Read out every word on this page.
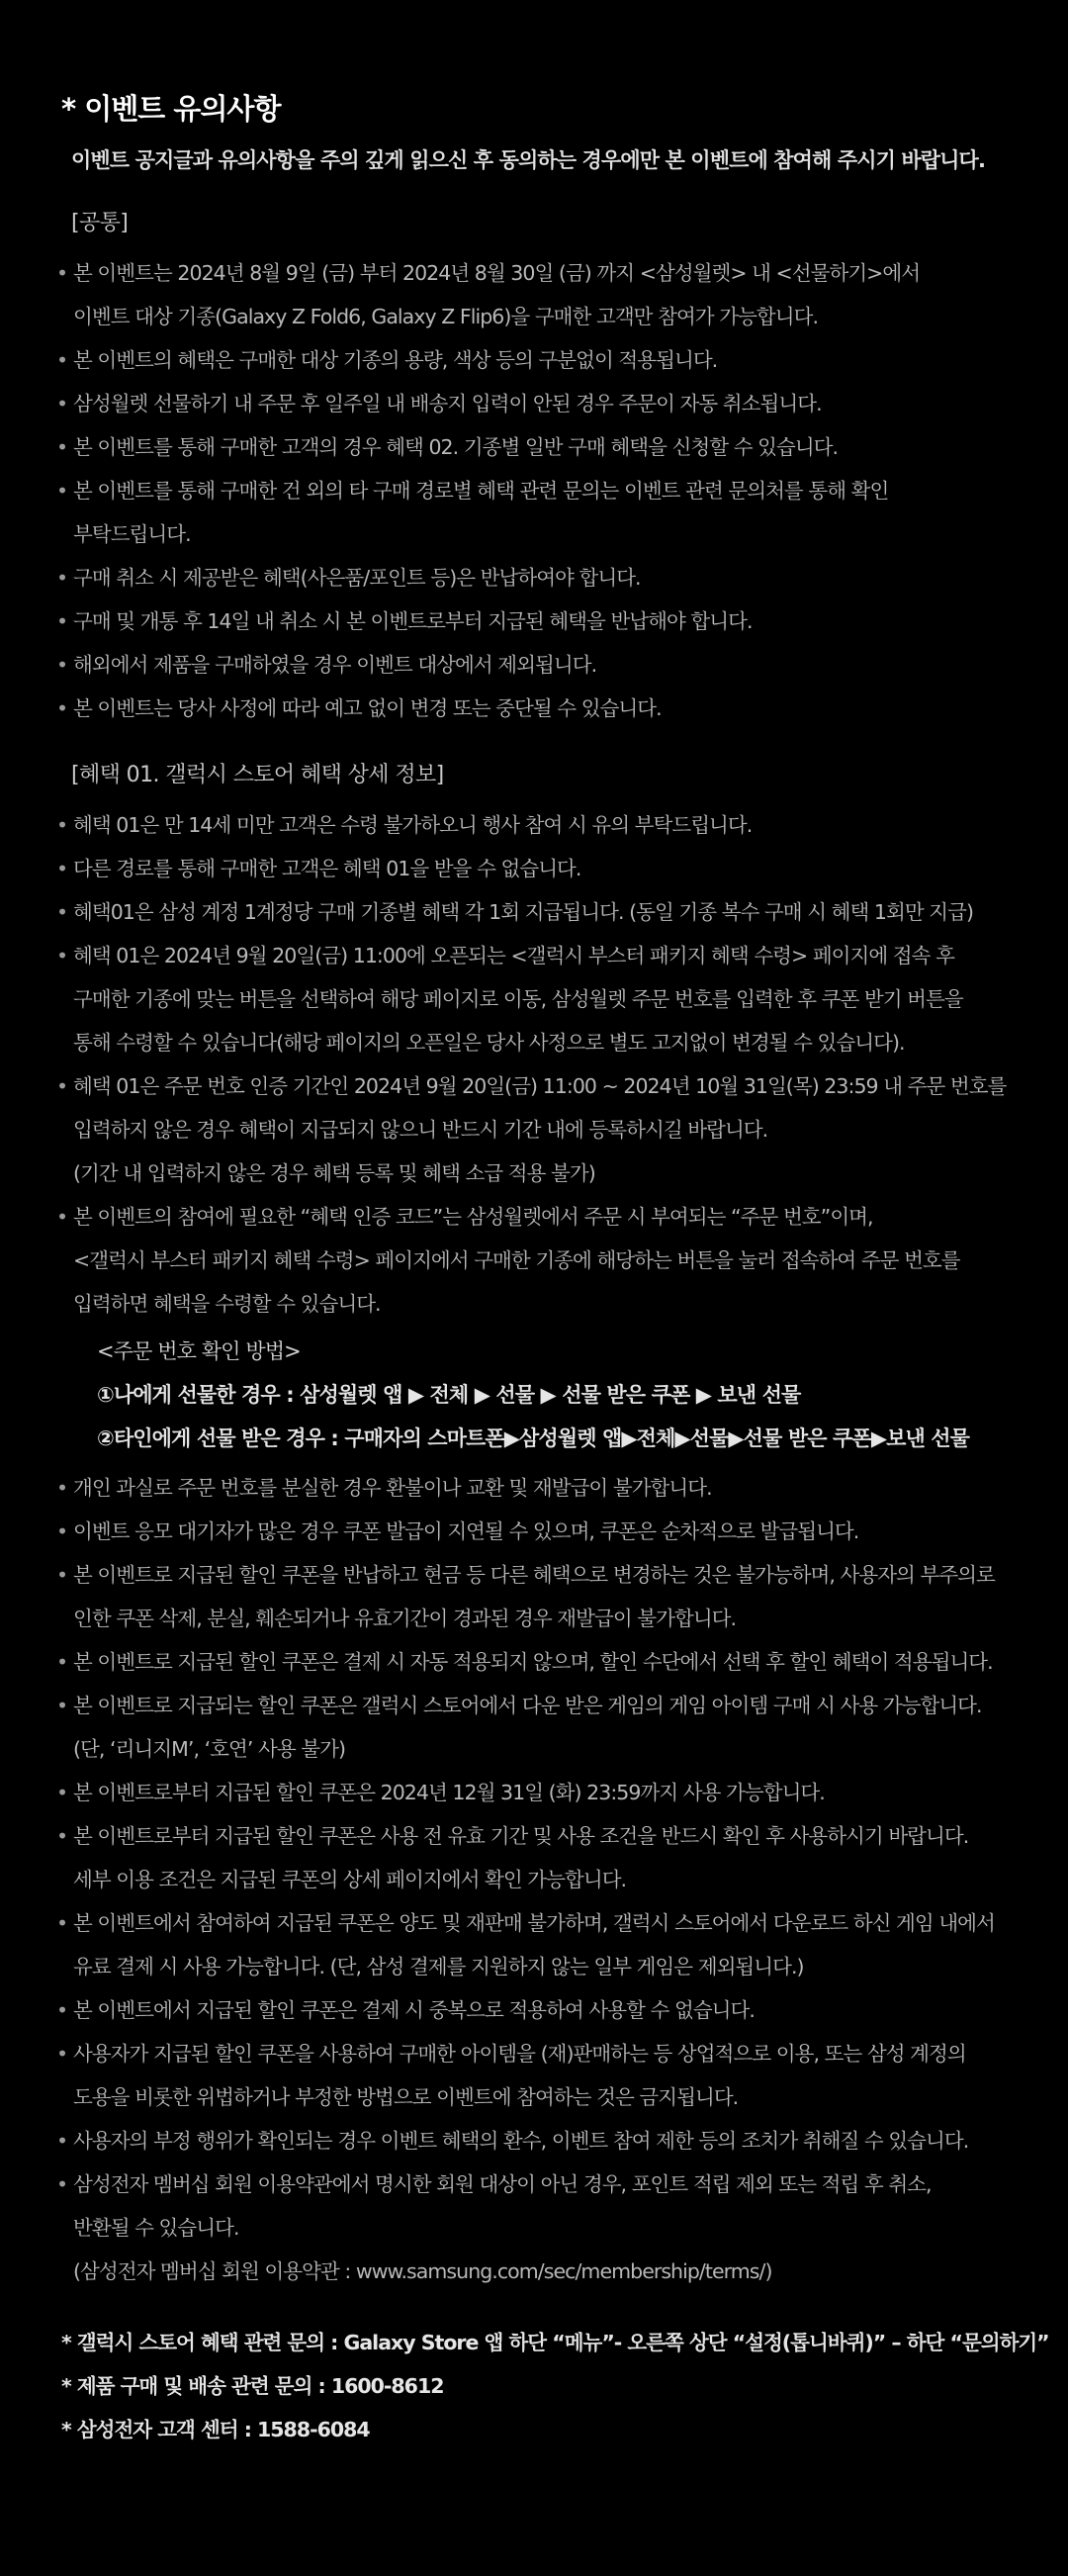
* 이벤트 유의사항

이벤트 공지글과 유의사항을 주의 깊게 읽으신 후 동의하는 경우에만 본 이벤트에 참여해 주시기 바랍니다.

[공통]
• 본 이벤트는 2024년 8월 9일 (금) 부터 2024년 8월 30일 (금) 까지 <삼성월렛> 내 <선물하기>에서
이벤트 대상 기종(Galaxy Z Fold6, Galaxy Z Flip6)을 구매한 고객만 참여가 가능합니다.
• 본 이벤트의 혜택은 구매한 대상 기종의 용량, 색상 등의 구분없이 적용됩니다.
• 삼성월렛 선물하기 내 주문 후 일주일 내 배송지 입력이 안된 경우 주문이 자동 취소됩니다.
• 본 이벤트를 통해 구매한 고객의 경우 혜택 02. 기종별 일반 구매 혜택을 신청할 수 있습니다.
• 본 이벤트를 통해 구매한 건 외의 타 구매 경로별 혜택 관련 문의는 이벤트 관련 문의처를 통해 확인
부탁드립니다.
• 구매 취소 시 제공받은 혜택(사은품/포인트 등)은 반납하여야 합니다.
• 구매 및 개통 후 14일 내 취소 시 본 이벤트로부터 지급된 혜택을 반납해야 합니다.
• 해외에서 제품을 구매하였을 경우 이벤트 대상에서 제외됩니다.
• 본 이벤트는 당사 사정에 따라 예고 없이 변경 또는 중단될 수 있습니다.
[혜택 01. 갤럭시 스토어 혜택 상세 정보]
• 혜택 01은 만 14세 미만 고객은 수령 불가하오니 행사 참여 시 유의 부탁드립니다.
• 다른 경로를 통해 구매한 고객은 혜택 01을 받을 수 없습니다.
• 혜택01은 삼성 계정 1계정당 구매 기종별 혜택 각 1회 지급됩니다. (동일 기종 복수 구매 시 혜택 1회만 지급)
• 혜택 01은 2024년 9월 20일(금) 11:00에 오픈되는 <갤럭시 부스터 패키지 혜택 수령> 페이지에 접속 후
구매한 기종에 맞는 버튼을 선택하여 해당 페이지로 이동, 삼성월렛 주문 번호를 입력한 후 쿠폰 받기 버튼을
통해 수령할 수 있습니다(해당 페이지의 오픈일은 당사 사정으로 별도 고지없이 변경될 수 있습니다).
• 혜택 01은 주문 번호 인증 기간인 2024년 9월 20일(금) 11:00 ~ 2024년 10월 31일(목) 23:59 내 주문 번호를
입력하지 않은 경우 혜택이 지급되지 않으니 반드시 기간 내에 등록하시길 바랍니다.
(기간 내 입력하지 않은 경우 혜택 등록 및 혜택 소급 적용 불가)
• 본 이벤트의 참여에 필요한 “혜택 인증 코드”는 삼성월렛에서 주문 시 부여되는 “주문 번호”이며,
<갤럭시 부스터 패키지 혜택 수령> 페이지에서 구매한 기종에 해당하는 버튼을 눌러 접속하여 주문 번호를
입력하면 혜택을 수령할 수 있습니다.
<주문 번호 확인 방법>
①나에게 선물한 경우 : 삼성월렛 앱 ▶ 전체 ▶ 선물 ▶ 선물 받은 쿠폰 ▶ 보낸 선물
②타인에게 선물 받은 경우 : 구매자의 스마트폰▶삼성월렛 앱▶전체▶선물▶선물 받은 쿠폰▶보낸 선물
• 개인 과실로 주문 번호를 분실한 경우 환불이나 교환 및 재발급이 불가합니다.
• 이벤트 응모 대기자가 많은 경우 쿠폰 발급이 지연될 수 있으며, 쿠폰은 순차적으로 발급됩니다.
• 본 이벤트로 지급된 할인 쿠폰을 반납하고 현금 등 다른 혜택으로 변경하는 것은 불가능하며, 사용자의 부주의로
인한 쿠폰 삭제, 분실, 훼손되거나 유효기간이 경과된 경우 재발급이 불가합니다.
• 본 이벤트로 지급된 할인 쿠폰은 결제 시 자동 적용되지 않으며, 할인 수단에서 선택 후 할인 혜택이 적용됩니다.
• 본 이벤트로 지급되는 할인 쿠폰은 갤럭시 스토어에서 다운 받은 게임의 게임 아이템 구매 시 사용 가능합니다.
(단, ‘리니지M’, ‘호연’ 사용 불가)
• 본 이벤트로부터 지급된 할인 쿠폰은 2024년 12월 31일 (화) 23:59까지 사용 가능합니다.
• 본 이벤트로부터 지급된 할인 쿠폰은 사용 전 유효 기간 및 사용 조건을 반드시 확인 후 사용하시기 바랍니다.
세부 이용 조건은 지급된 쿠폰의 상세 페이지에서 확인 가능합니다.
• 본 이벤트에서 참여하여 지급된 쿠폰은 양도 및 재판매 불가하며, 갤럭시 스토어에서 다운로드 하신 게임 내에서
유료 결제 시 사용 가능합니다. (단, 삼성 결제를 지원하지 않는 일부 게임은 제외됩니다.)
• 본 이벤트에서 지급된 할인 쿠폰은 결제 시 중복으로 적용하여 사용할 수 없습니다.
• 사용자가 지급된 할인 쿠폰을 사용하여 구매한 아이템을 (재)판매하는 등 상업적으로 이용, 또는 삼성 계정의
도용을 비롯한 위법하거나 부정한 방법으로 이벤트에 참여하는 것은 금지됩니다.
• 사용자의 부정 행위가 확인되는 경우 이벤트 혜택의 환수, 이벤트 참여 제한 등의 조치가 취해질 수 있습니다.
• 삼성전자 멤버십 회원 이용약관에서 명시한 회원 대상이 아닌 경우, 포인트 적립 제외 또는 적립 후 취소,
반환될 수 있습니다.
(삼성전자 멤버십 회원 이용약관 : www.samsung.com/sec/membership/terms/)
* 갤럭시 스토어 혜택 관련 문의 : Galaxy Store 앱 하단 “메뉴”- 오른쪽 상단 “설정(톱니바퀴)” – 하단 “문의하기”
* 제품 구매 및 배송 관련 문의 : 1600-8612
* 삼성전자 고객 센터 : 1588-6084
